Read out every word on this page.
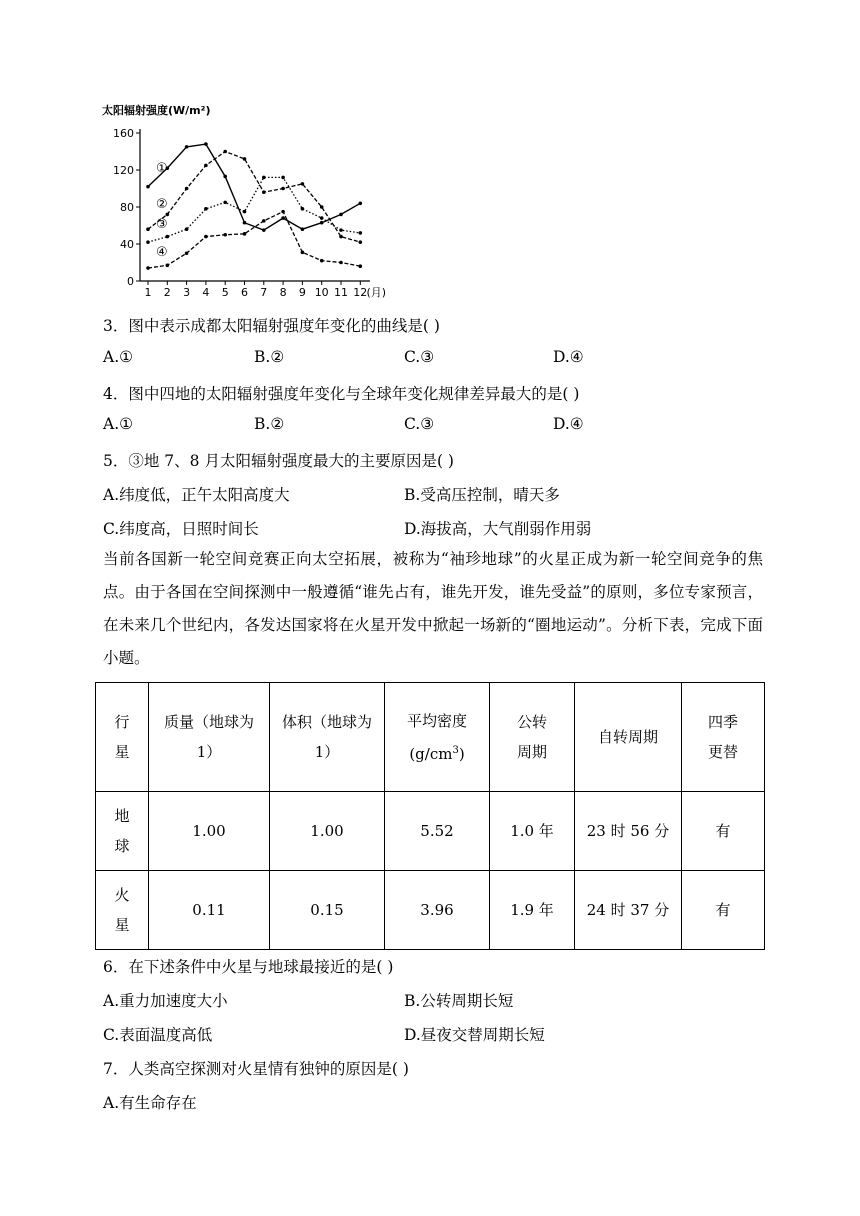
太阳辐射强度(W/m²)
0
40
80
120
160
1 2 3 4 5 6 7 8 9 10 11 12 (月)
①
②
③
④
3．图中表示成都太阳辐射强度年变化的曲线是( )
A.①	B.②	C.③	D.④
4．图中四地的太阳辐射强度年变化与全球年变化规律差异最大的是( )
A.①	B.②	C.③	D.④
5．③地 7、8 月太阳辐射强度最大的主要原因是( )
A.纬度低，正午太阳高度大	B.受高压控制，晴天多
C.纬度高，日照时间长	D.海拔高，大气削弱作用弱
当前各国新一轮空间竞赛正向太空拓展，被称为“袖珍地球”的火星正成为新一轮空间竞争的焦点。由于各国在空间探测中一般遵循“谁先占有，谁先开发，谁先受益”的原则，多位专家预言，在未来几个世纪内，各发达国家将在火星开发中掀起一场新的“圈地运动”。分析下表，完成下面小题。
行星	质量（地球为 1）	体积（地球为 1）	平均密度$(g/cm^3)$	公转周期	自转周期	四季更替

地球	1.00	1.00	5.52	1.0 年	23 时 56 分	有

火星	0.11	0.15	3.96	1.9 年	24 时 37 分	有
6．在下述条件中火星与地球最接近的是( )
A.重力加速度大小	B.公转周期长短
C.表面温度高低	D.昼夜交替周期长短
7．人类高空探测对火星情有独钟的原因是( )
A.有生命存在
